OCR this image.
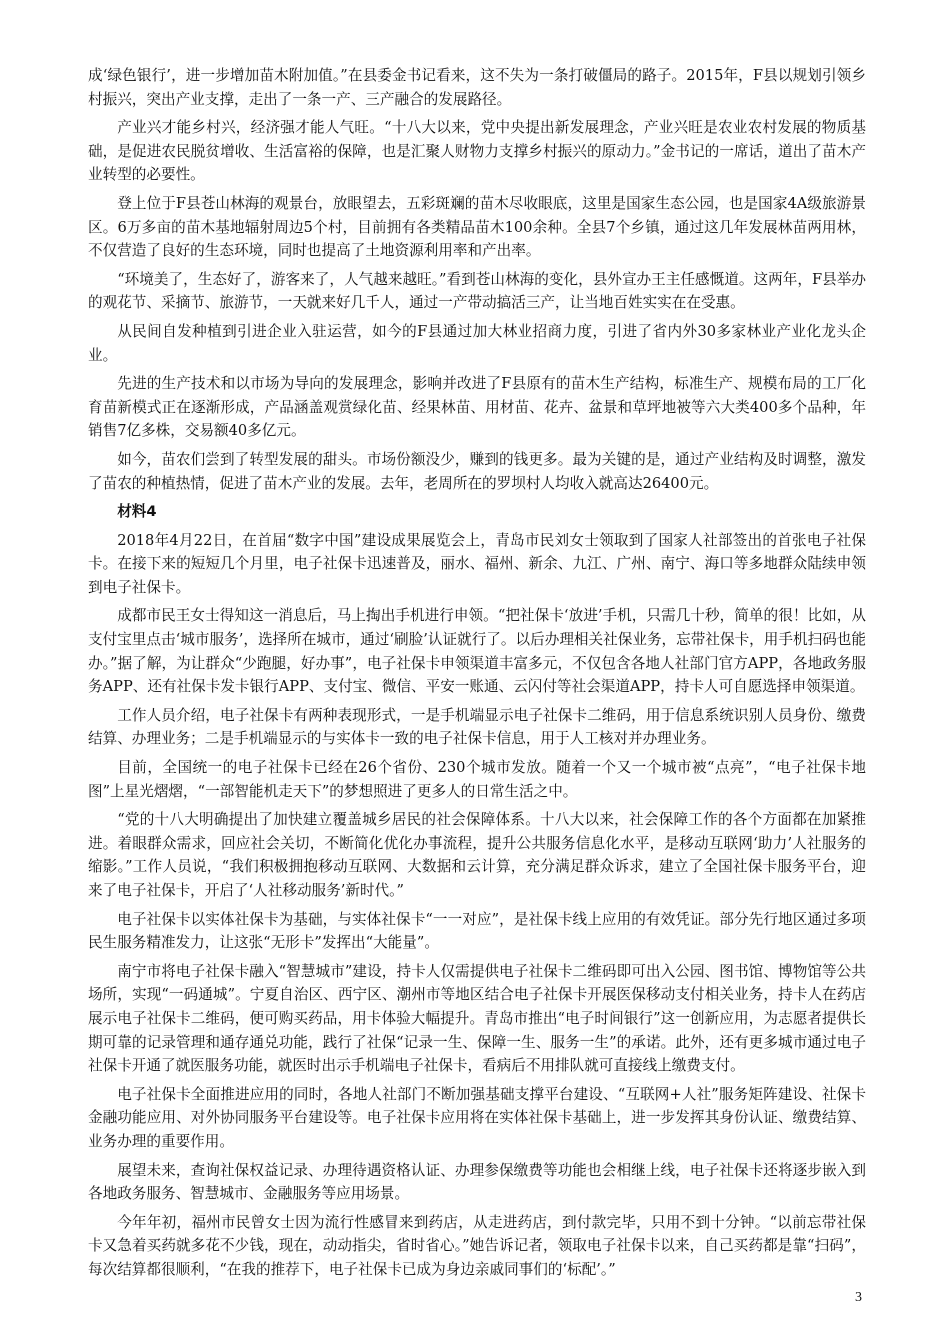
成‘绿色银行’，进一步增加苗木附加值。”在县委金书记看来，这不失为一条打破僵局的路子。2015年，F县以规划引领乡村振兴，突出产业支撑，走出了一条一产、三产融合的发展路径。

产业兴才能乡村兴，经济强才能人气旺。“十八大以来，党中央提出新发展理念，产业兴旺是农业农村发展的物质基础，是促进农民脱贫增收、生活富裕的保障，也是汇聚人财物力支撑乡村振兴的原动力。”金书记的一席话，道出了苗木产业转型的必要性。

登上位于F县苍山林海的观景台，放眼望去，五彩斑斓的苗木尽收眼底，这里是国家生态公园，也是国家4A级旅游景区。6万多亩的苗木基地辐射周边5个村，目前拥有各类精品苗木100余种。全县7个乡镇，通过这几年发展林苗两用林，不仅营造了良好的生态环境，同时也提高了土地资源利用率和产出率。

“环境美了，生态好了，游客来了，人气越来越旺。”看到苍山林海的变化，县外宣办王主任感慨道。这两年，F县举办的观花节、采摘节、旅游节，一天就来好几千人，通过一产带动搞活三产，让当地百姓实实在在受惠。

从民间自发种植到引进企业入驻运营，如今的F县通过加大林业招商力度，引进了省内外30多家林业产业化龙头企业。

先进的生产技术和以市场为导向的发展理念，影响并改进了F县原有的苗木生产结构，标准生产、规模布局的工厂化育苗新模式正在逐渐形成，产品涵盖观赏绿化苗、经果林苗、用材苗、花卉、盆景和草坪地被等六大类400多个品种，年销售7亿多株，交易额40多亿元。

如今，苗农们尝到了转型发展的甜头。市场份额没少，赚到的钱更多。最为关键的是，通过产业结构及时调整，激发了苗农的种植热情，促进了苗木产业的发展。去年，老周所在的罗坝村人均收入就高达26400元。

材料4

2018年4月22日，在首届“数字中国”建设成果展览会上，青岛市民刘女士领取到了国家人社部签出的首张电子社保卡。在接下来的短短几个月里，电子社保卡迅速普及，丽水、福州、新余、九江、广州、南宁、海口等多地群众陆续申领到电子社保卡。

成都市民王女士得知这一消息后，马上掏出手机进行申领。“把社保卡‘放进’手机，只需几十秒，简单的很！比如，从支付宝里点击‘城市服务’，选择所在城市，通过‘刷脸’认证就行了。以后办理相关社保业务，忘带社保卡，用手机扫码也能办。”据了解，为让群众“少跑腿，好办事”，电子社保卡申领渠道丰富多元，不仅包含各地人社部门官方APP，各地政务服务APP、还有社保卡发卡银行APP、支付宝、微信、平安一账通、云闪付等社会渠道APP，持卡人可自愿选择申领渠道。

工作人员介绍，电子社保卡有两种表现形式，一是手机端显示电子社保卡二维码，用于信息系统识别人员身份、缴费结算、办理业务；二是手机端显示的与实体卡一致的电子社保卡信息，用于人工核对并办理业务。

目前，全国统一的电子社保卡已经在26个省份、230个城市发放。随着一个又一个城市被“点亮”，“电子社保卡地图”上星光熠熠，“一部智能机走天下”的梦想照进了更多人的日常生活之中。

“党的十八大明确提出了加快建立覆盖城乡居民的社会保障体系。十八大以来，社会保障工作的各个方面都在加紧推进。着眼群众需求，回应社会关切，不断简化优化办事流程，提升公共服务信息化水平，是移动互联网‘助力’人社服务的缩影。”工作人员说，“我们积极拥抱移动互联网、大数据和云计算，充分满足群众诉求，建立了全国社保卡服务平台，迎来了电子社保卡，开启了‘人社移动服务’新时代。”

电子社保卡以实体社保卡为基础，与实体社保卡“一一对应”，是社保卡线上应用的有效凭证。部分先行地区通过多项民生服务精准发力，让这张“无形卡”发挥出“大能量”。

南宁市将电子社保卡融入“智慧城市”建设，持卡人仅需提供电子社保卡二维码即可出入公园、图书馆、博物馆等公共场所，实现“一码通城”。宁夏自治区、西宁区、潮州市等地区结合电子社保卡开展医保移动支付相关业务，持卡人在药店展示电子社保卡二维码，便可购买药品，用卡体验大幅提升。青岛市推出“电子时间银行”这一创新应用，为志愿者提供长期可靠的记录管理和通存通兑功能，践行了社保“记录一生、保障一生、服务一生”的承诺。此外，还有更多城市通过电子社保卡开通了就医服务功能，就医时出示手机端电子社保卡，看病后不用排队就可直接线上缴费支付。

电子社保卡全面推进应用的同时，各地人社部门不断加强基础支撑平台建设、“互联网+人社”服务矩阵建设、社保卡金融功能应用、对外协同服务平台建设等。电子社保卡应用将在实体社保卡基础上，进一步发挥其身份认证、缴费结算、业务办理的重要作用。

展望未来，查询社保权益记录、办理待遇资格认证、办理参保缴费等功能也会相继上线，电子社保卡还将逐步嵌入到各地政务服务、智慧城市、金融服务等应用场景。

今年年初，福州市民曾女士因为流行性感冒来到药店，从走进药店，到付款完毕，只用不到十分钟。“以前忘带社保卡又急着买药就多花不少钱，现在，动动指尖，省时省心。”她告诉记者，领取电子社保卡以来，自己买药都是靠“扫码”，每次结算都很顺利，“在我的推荐下，电子社保卡已成为身边亲戚同事们的‘标配’。”

3
